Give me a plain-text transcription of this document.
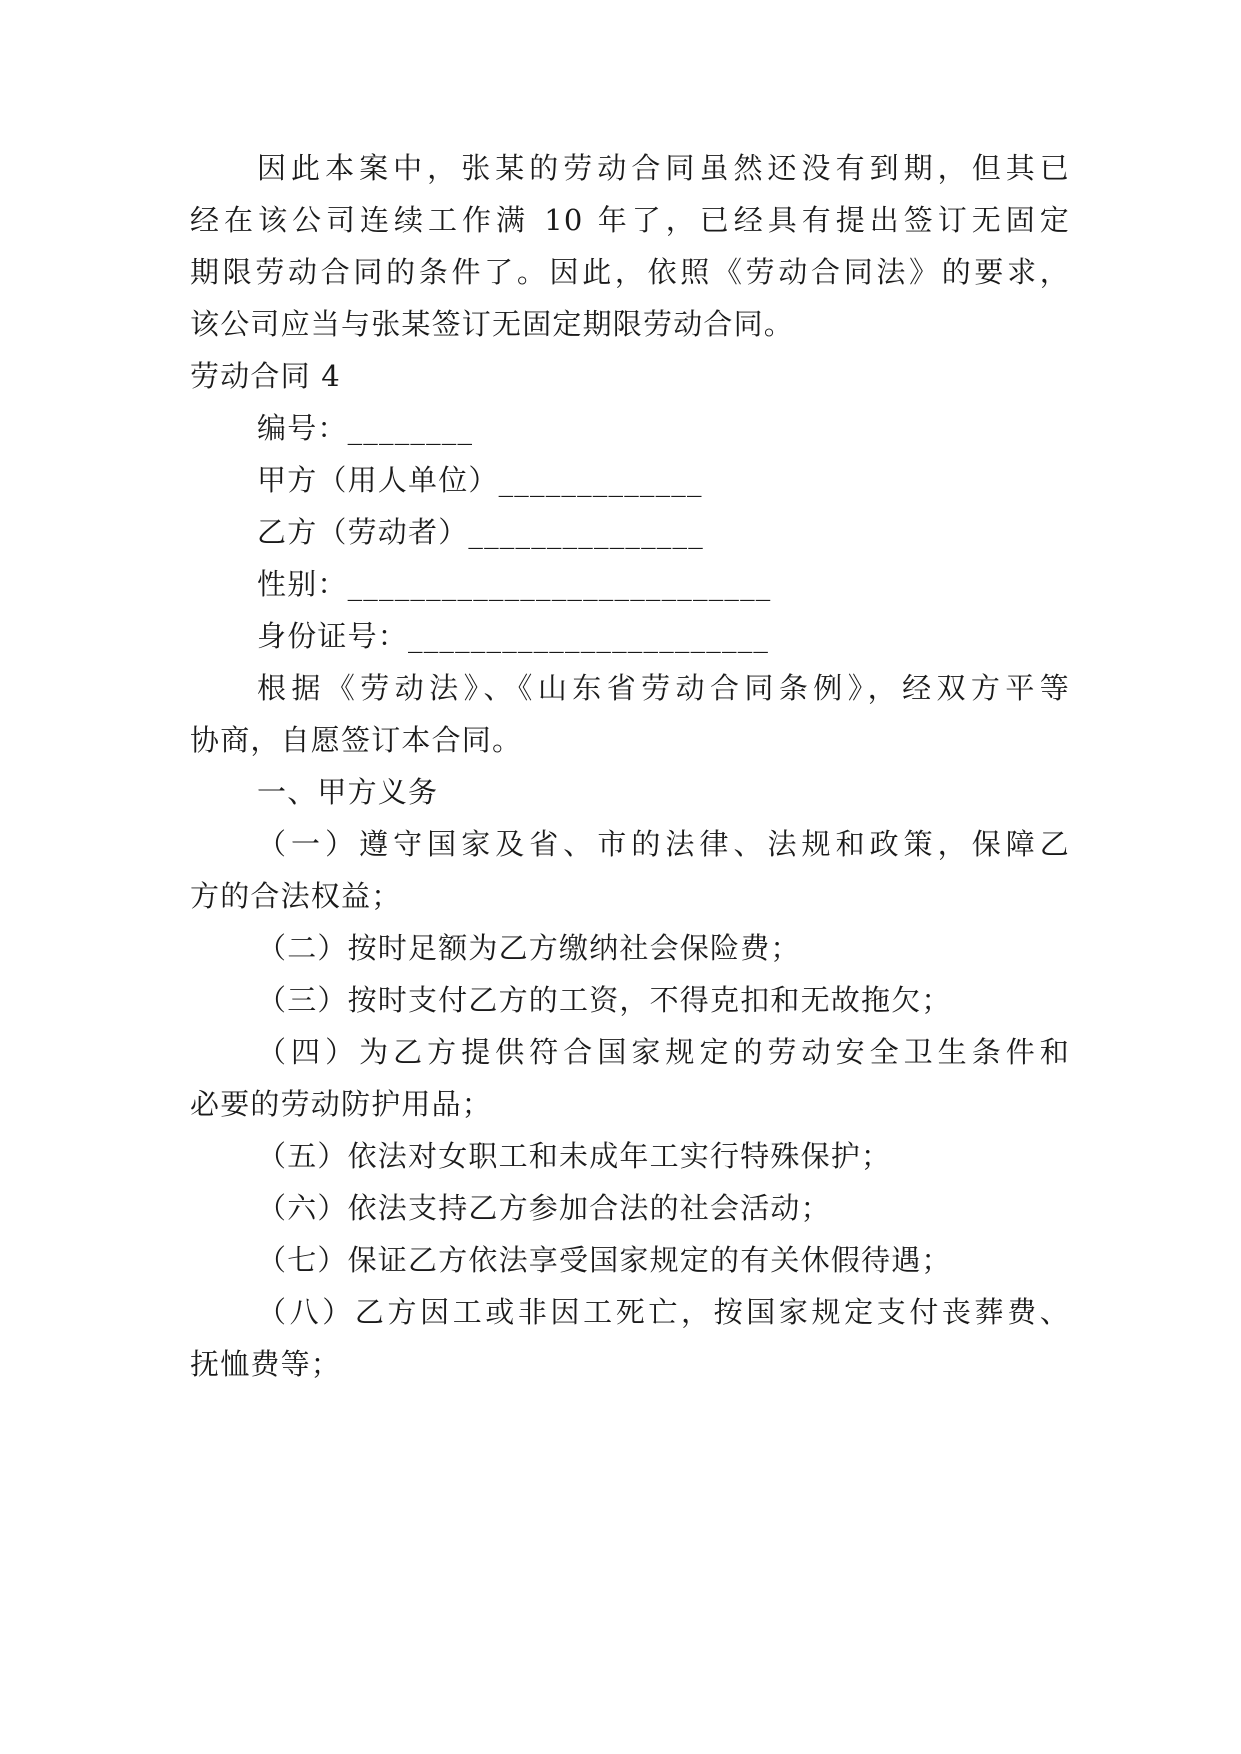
因此本案中，张某的劳动合同虽然还没有到期，但其已
经在该公司连续工作满 10 年了，已经具有提出签订无固定
期限劳动合同的条件了。因此，依照《劳动合同法》的要求，
该公司应当与张某签订无固定期限劳动合同。
劳动合同 4
编号：________
甲方（用人单位）_____________
乙方（劳动者）_______________
性别：___________________________
身份证号：_______________________
根据《劳动法》、《山东省劳动合同条例》，经双方平等
协商，自愿签订本合同。
一、甲方义务
（一）遵守国家及省、市的法律、法规和政策，保障乙
方的合法权益；
（二）按时足额为乙方缴纳社会保险费；
（三）按时支付乙方的工资，不得克扣和无故拖欠；
（四）为乙方提供符合国家规定的劳动安全卫生条件和
必要的劳动防护用品；
（五）依法对女职工和未成年工实行特殊保护；
（六）依法支持乙方参加合法的社会活动；
（七）保证乙方依法享受国家规定的有关休假待遇；
（八）乙方因工或非因工死亡，按国家规定支付丧葬费、
抚恤费等；
